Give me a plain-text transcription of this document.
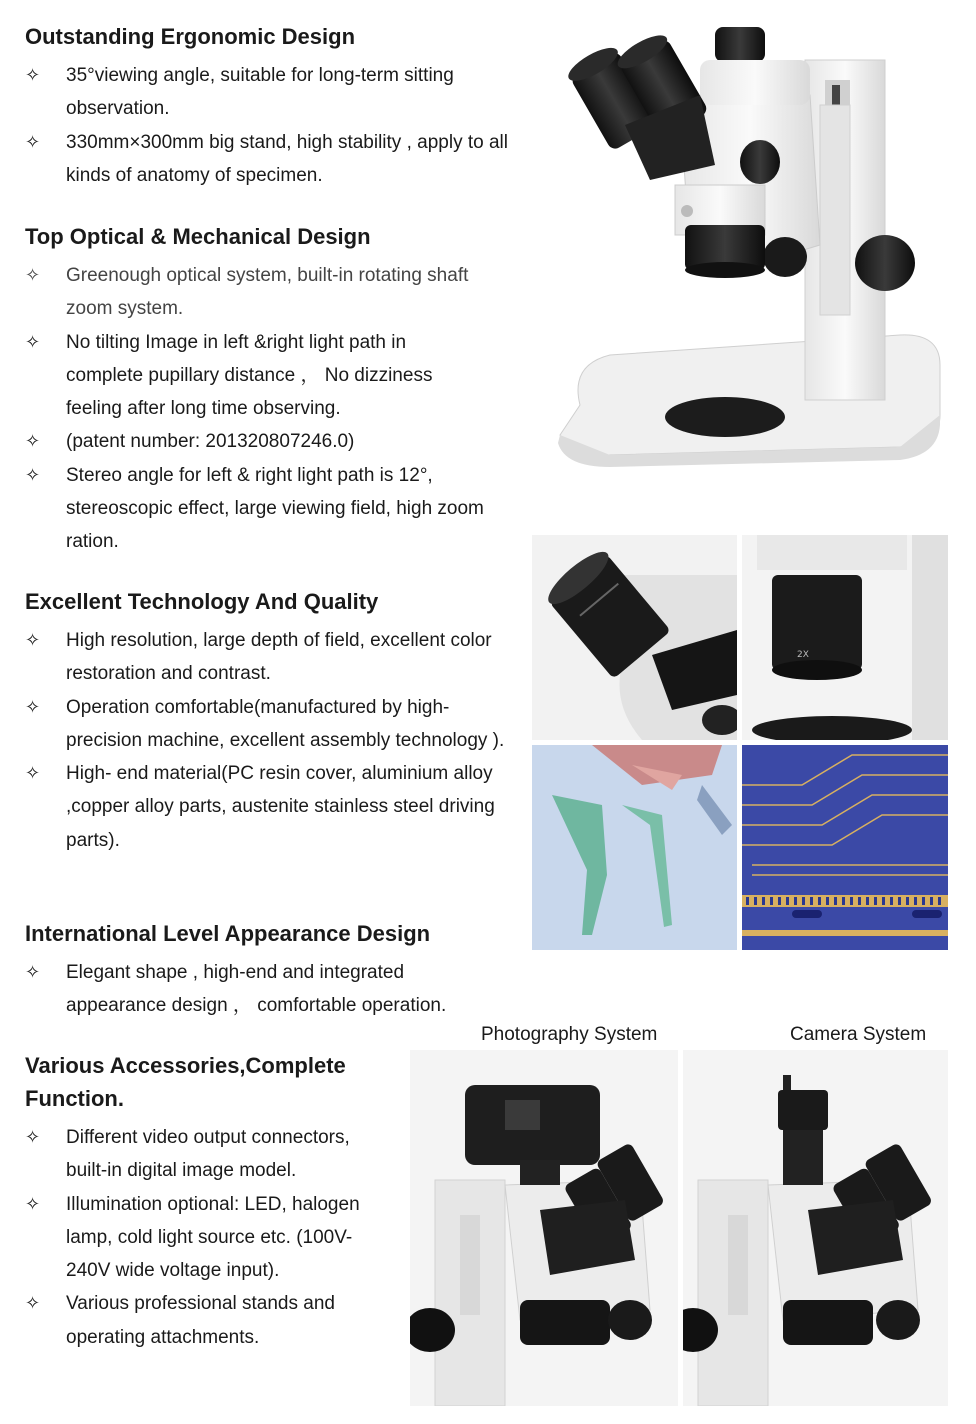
Outstanding Ergonomic Design
✧ 35°viewing angle, suitable for long-term sitting observation.
✧ 330mm×300mm big stand, high stability , apply to all kinds of anatomy of specimen.
Top Optical & Mechanical Design
✧ Greenough optical system, built-in rotating shaft zoom system.
✧ No tilting Image in left &right light path in complete pupillary distance ， No dizziness feeling after long time observing.
✧ (patent number: 201320807246.0)
✧ Stereo angle for left & right light path is 12°, stereoscopic effect, large viewing field, high zoom ration.
Excellent Technology And Quality
✧ High resolution, large depth of field, excellent color restoration and contrast.
✧ Operation comfortable(manufactured by high-precision machine, excellent assembly technology ).
✧ High- end material(PC resin cover, aluminium alloy ,copper alloy parts, austenite stainless steel driving parts).
International Level Appearance Design
✧ Elegant shape , high-end and integrated appearance design ， comfortable operation.
Various Accessories,Complete Function.
✧ Different video output connectors, built-in digital image model.
✧ Illumination optional: LED, halogen lamp, cold light source etc. (100V-240V wide voltage input).
✧ Various professional stands and operating attachments.
2X
Photography System	Camera System
